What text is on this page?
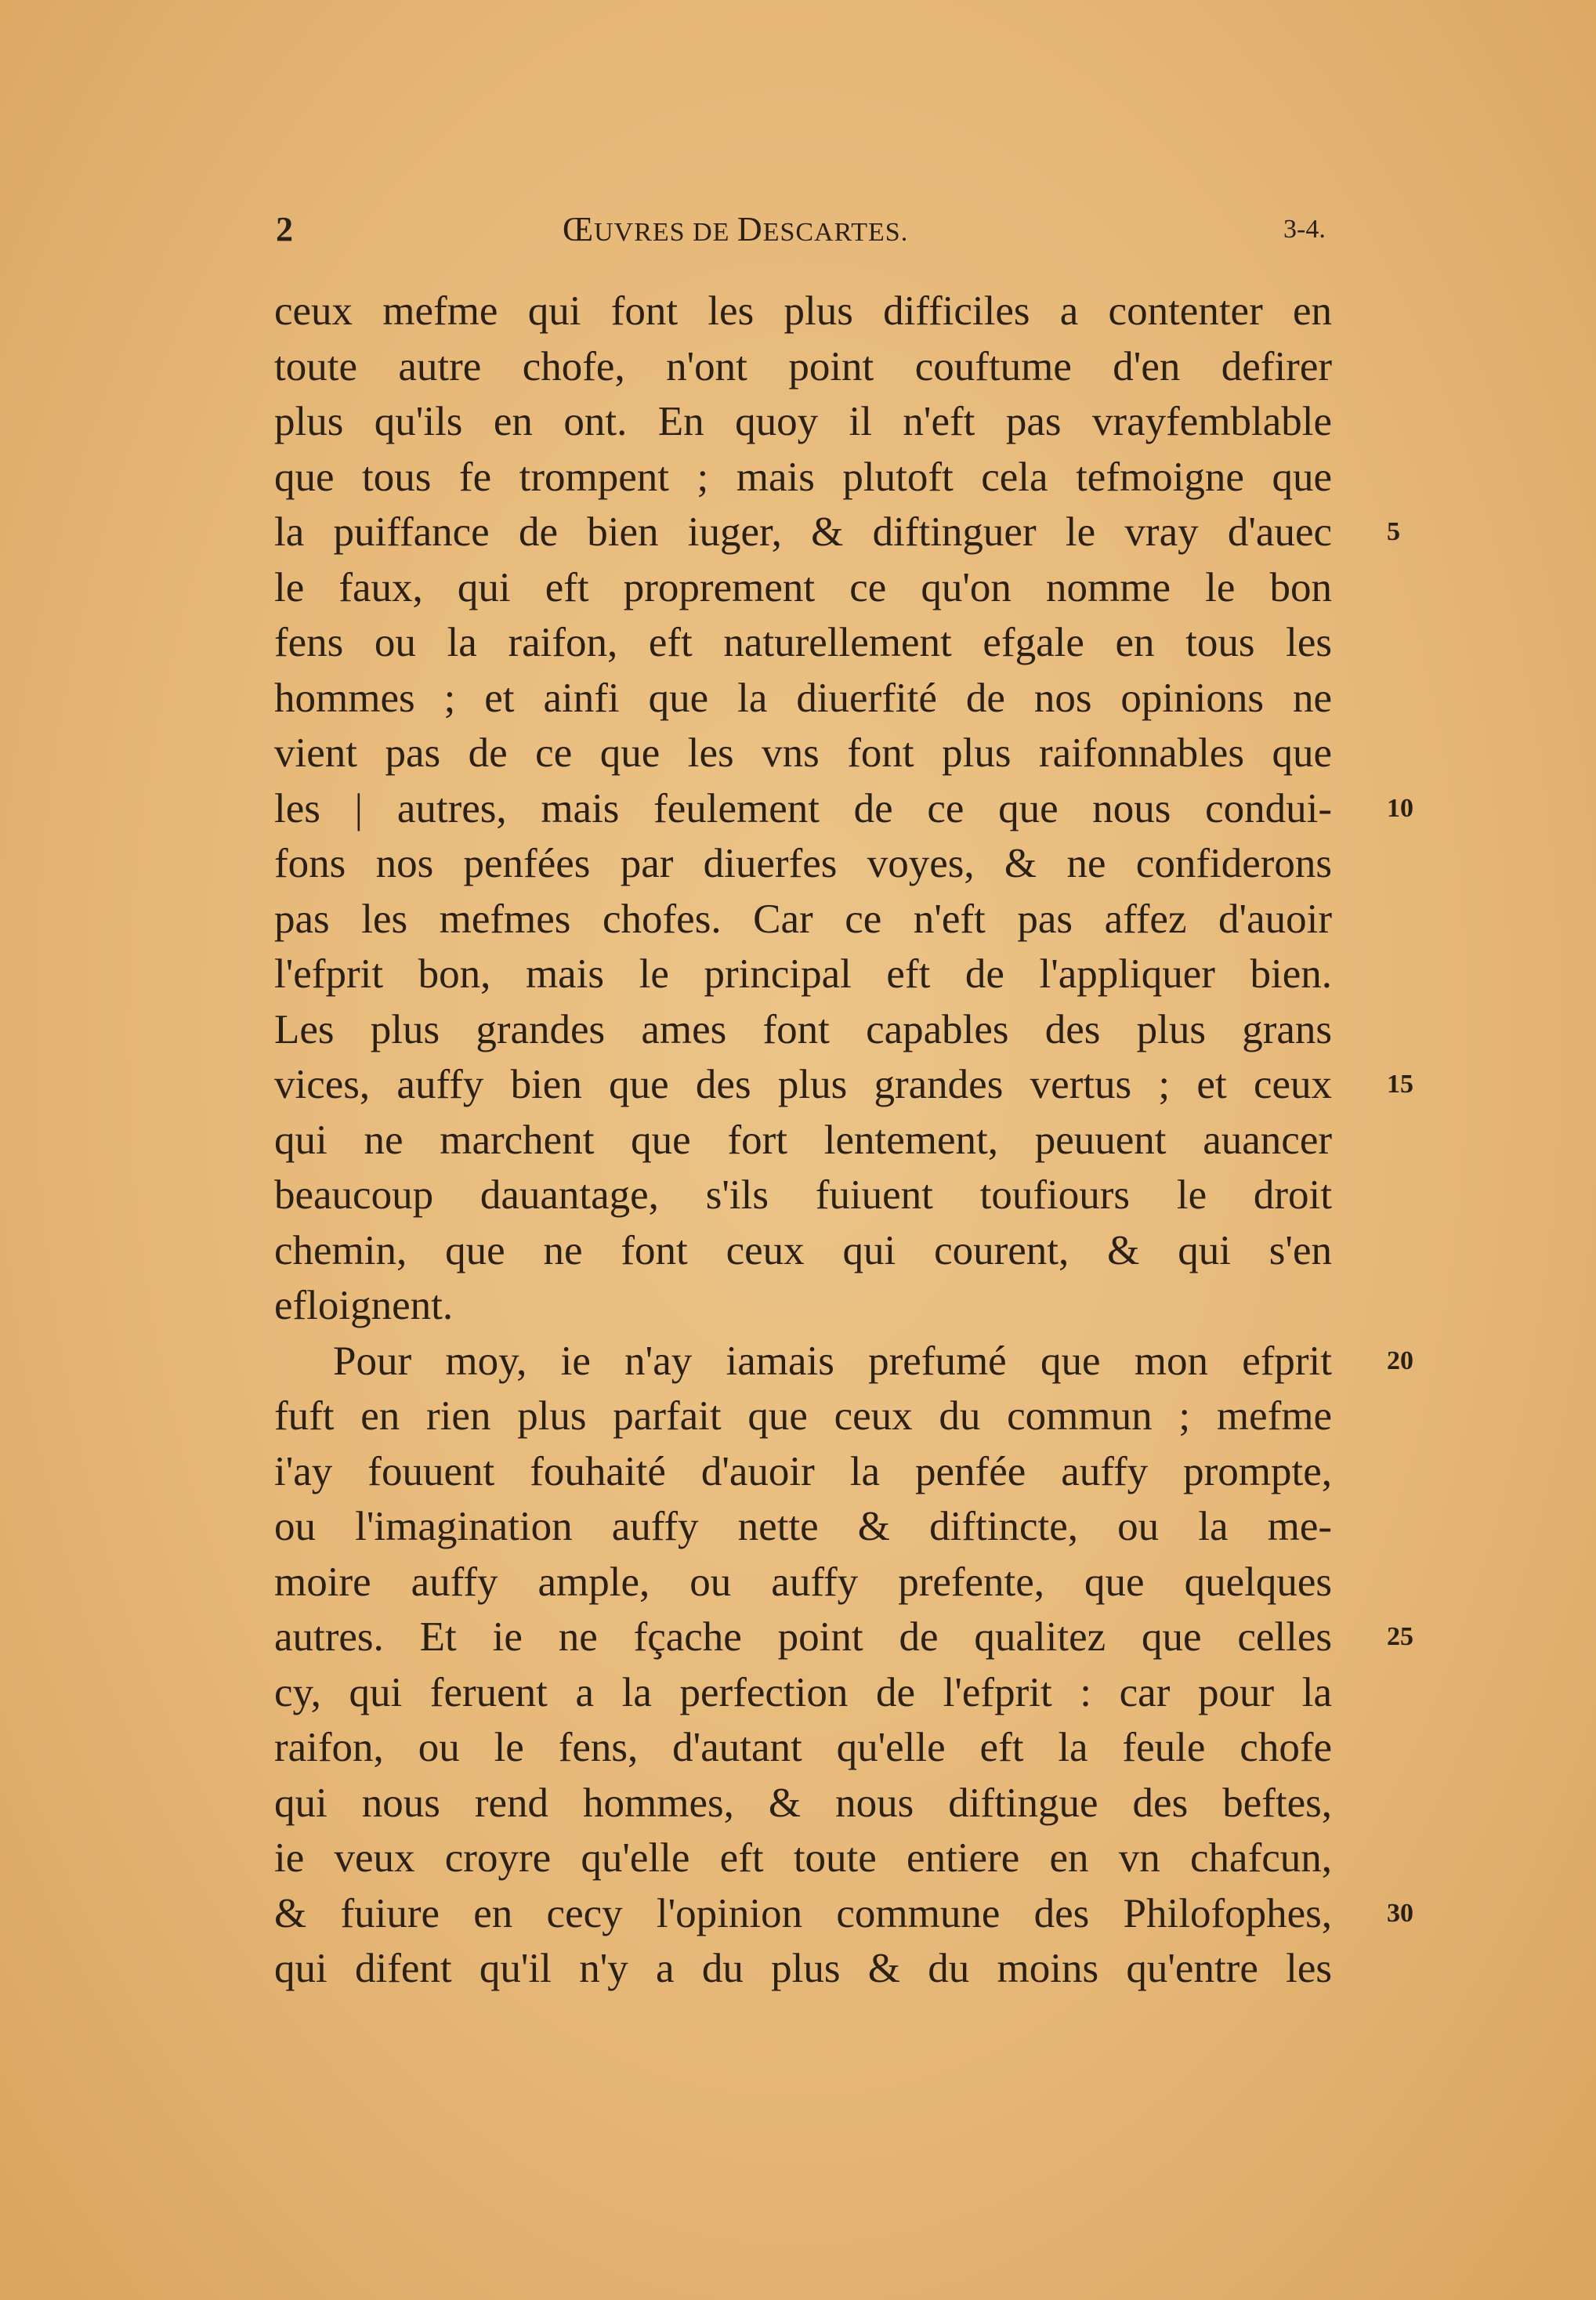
2	ŒUVRES DE DESCARTES.	3-4.
ceux mefme qui font les plus difficiles a contenter en
toute autre chofe, n'ont point couftume d'en defirer
plus qu'ils en ont. En quoy il n'eft pas vrayfemblable
que tous fe trompent ; mais plutoft cela tefmoigne que
la puiffance de bien iuger, & diftinguer le vray d'auec
le faux, qui eft proprement ce qu'on nomme le bon
fens ou la raifon, eft naturellement efgale en tous les
hommes ; et ainfi que la diuerfité de nos opinions ne
vient pas de ce que les vns font plus raifonnables que
les | autres, mais feulement de ce que nous condui-
fons nos penfées par diuerfes voyes, & ne confiderons
pas les mefmes chofes. Car ce n'eft pas affez d'auoir
l'efprit bon, mais le principal eft de l'appliquer bien.
Les plus grandes ames font capables des plus grans
vices, auffy bien que des plus grandes vertus ; et ceux
qui ne marchent que fort lentement, peuuent auancer
beaucoup dauantage, s'ils fuiuent toufiours le droit
chemin, que ne font ceux qui courent, & qui s'en
efloignent.
Pour moy, ie n'ay iamais prefumé que mon efprit
fuft en rien plus parfait que ceux du commun ; mefme
i'ay fouuent fouhaité d'auoir la penfée auffy prompte,
ou l'imagination auffy nette & diftincte, ou la me-
moire auffy ample, ou auffy prefente, que quelques
autres. Et ie ne fçache point de qualitez que celles
cy, qui feruent a la perfection de l'efprit : car pour la
raifon, ou le fens, d'autant qu'elle eft la feule chofe
qui nous rend hommes, & nous diftingue des beftes,
ie veux croyre qu'elle eft toute entiere en vn chafcun,
& fuiure en cecy l'opinion commune des Philofophes,
qui difent qu'il n'y a du plus & du moins qu'entre les
5
10
15
20
25
30
